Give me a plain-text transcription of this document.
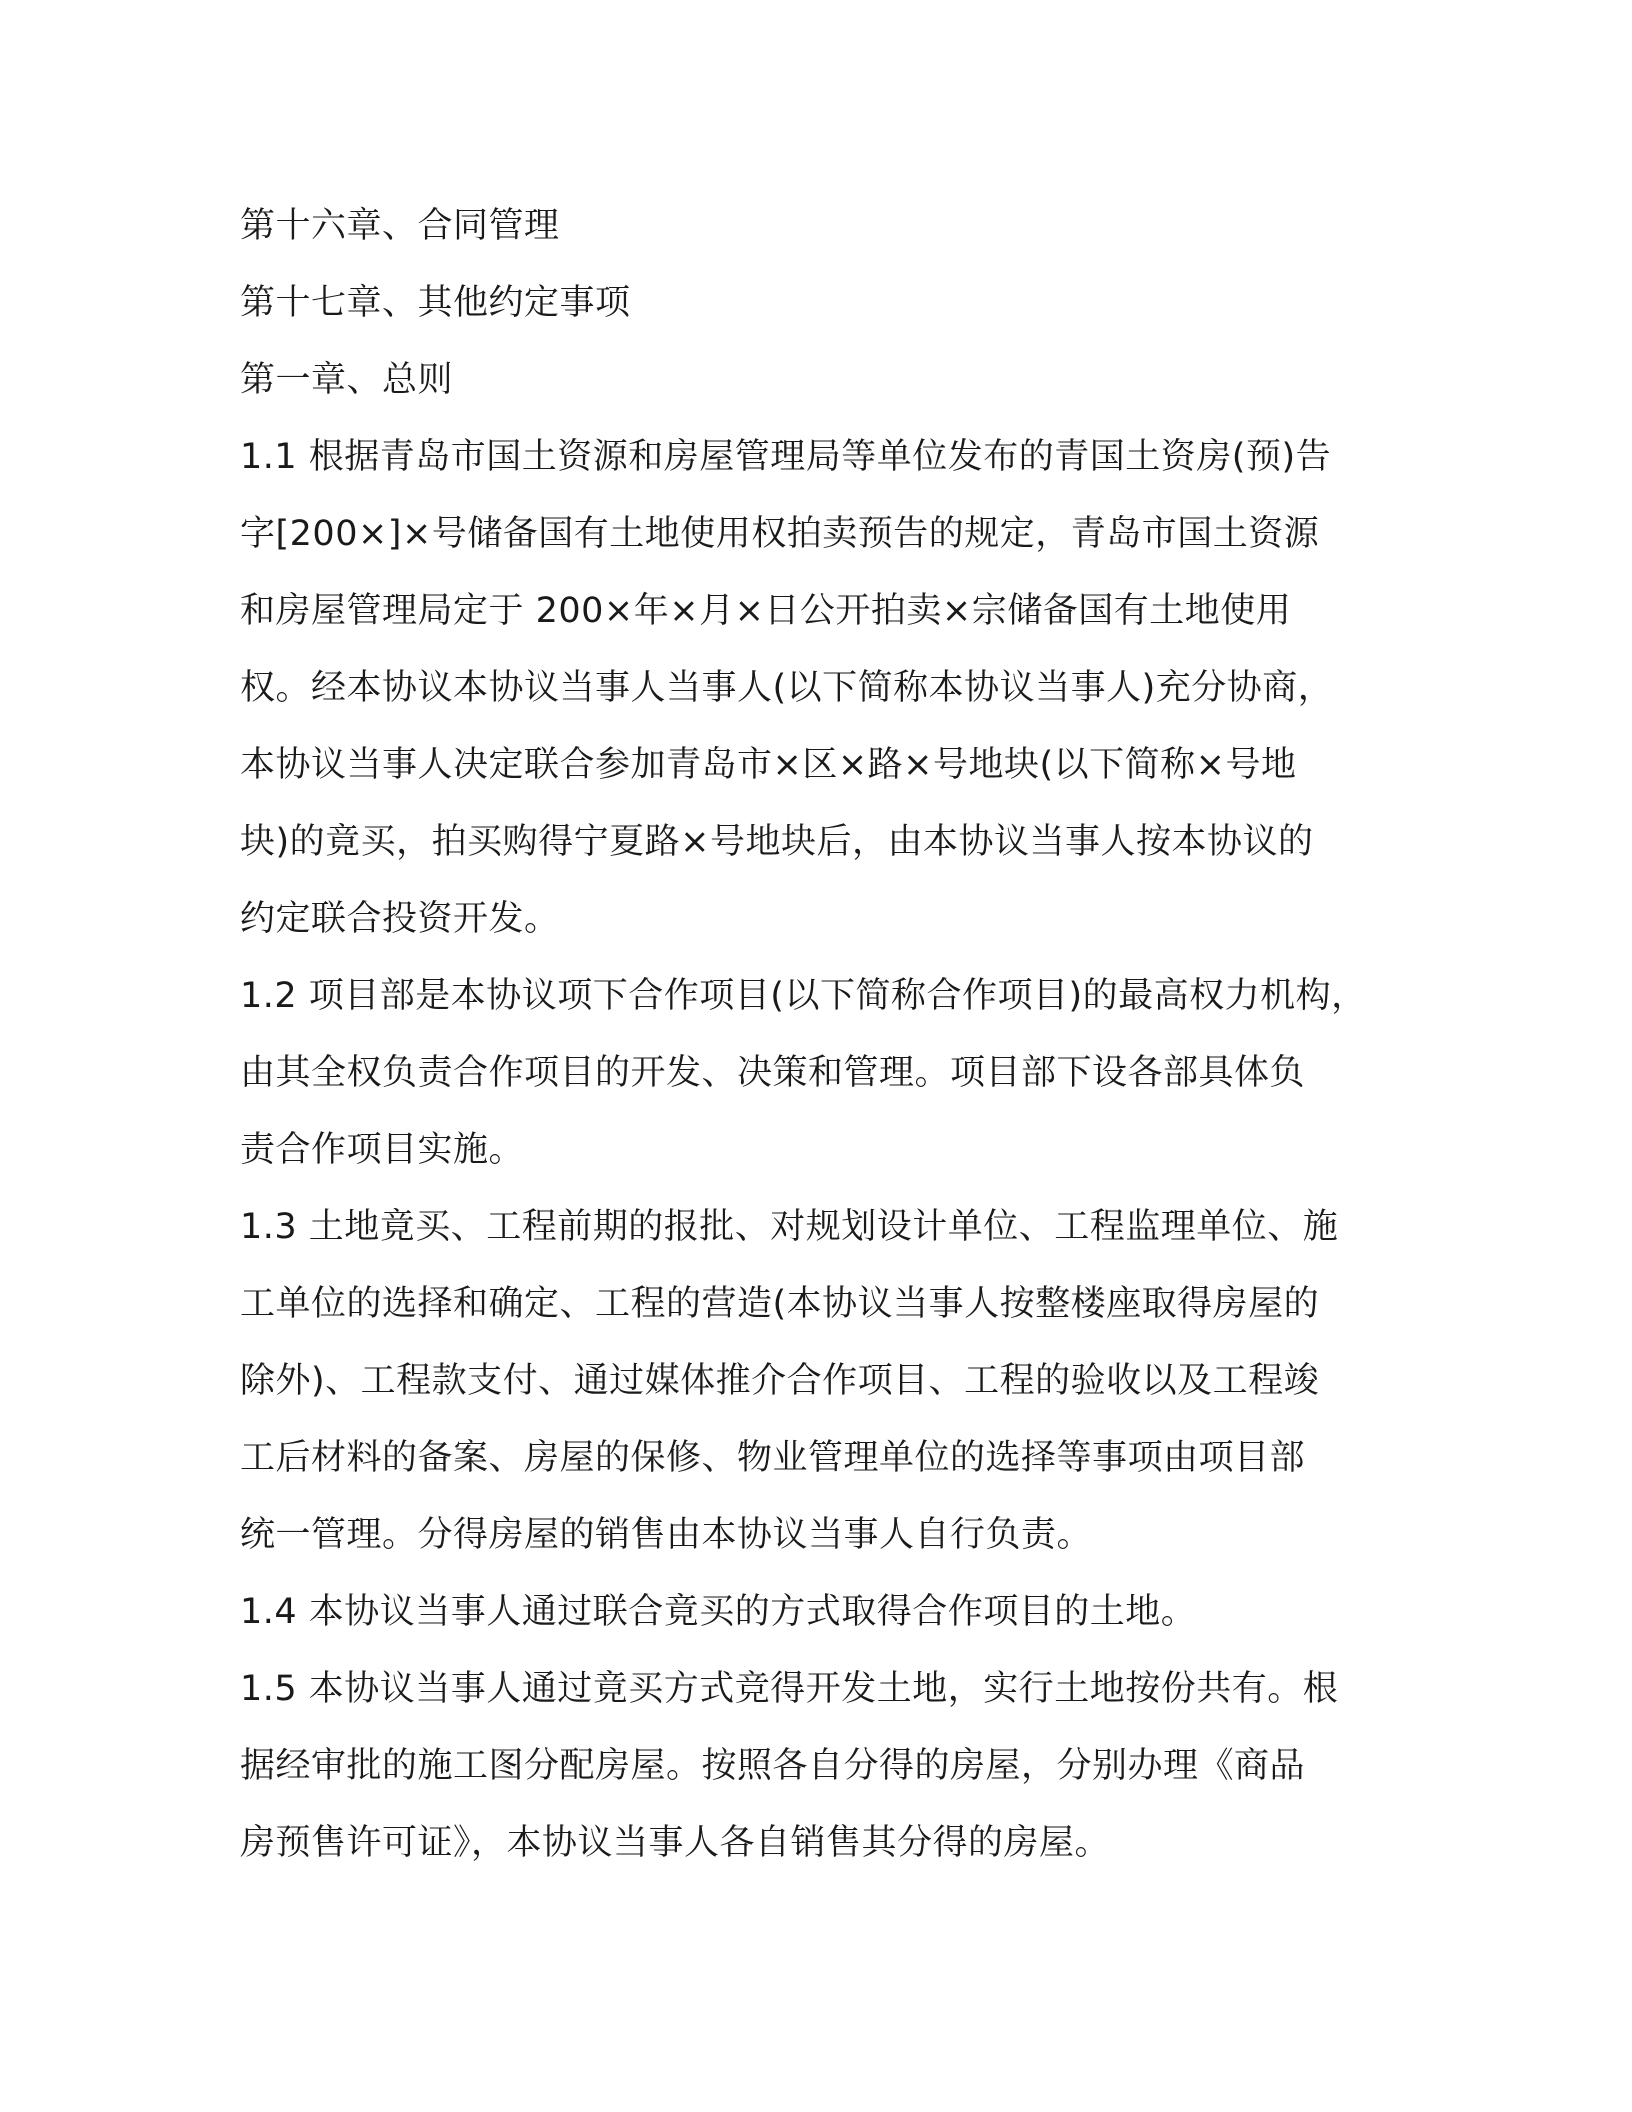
第十六章、合同管理
第十七章、其他约定事项
第一章、总则
1.1 根据青岛市国土资源和房屋管理局等单位发布的青国土资房(预)告
字[200×]×号储备国有土地使用权拍卖预告的规定，青岛市国土资源
和房屋管理局定于 200×年×月×日公开拍卖×宗储备国有土地使用
权。经本协议本协议当事人当事人(以下简称本协议当事人)充分协商，
本协议当事人决定联合参加青岛市×区×路×号地块(以下简称×号地
块)的竟买，拍买购得宁夏路×号地块后，由本协议当事人按本协议的
约定联合投资开发。
1.2 项目部是本协议项下合作项目(以下简称合作项目)的最高权力机构，
由其全权负责合作项目的开发、决策和管理。项目部下设各部具体负
责合作项目实施。
1.3 土地竟买、工程前期的报批、对规划设计单位、工程监理单位、施
工单位的选择和确定、工程的营造(本协议当事人按整楼座取得房屋的
除外)、工程款支付、通过媒体推介合作项目、工程的验收以及工程竣
工后材料的备案、房屋的保修、物业管理单位的选择等事项由项目部
统一管理。分得房屋的销售由本协议当事人自行负责。
1.4 本协议当事人通过联合竟买的方式取得合作项目的土地。
1.5 本协议当事人通过竟买方式竞得开发土地，实行土地按份共有。根
据经审批的施工图分配房屋。按照各自分得的房屋，分别办理《商品
房预售许可证》，本协议当事人各自销售其分得的房屋。
